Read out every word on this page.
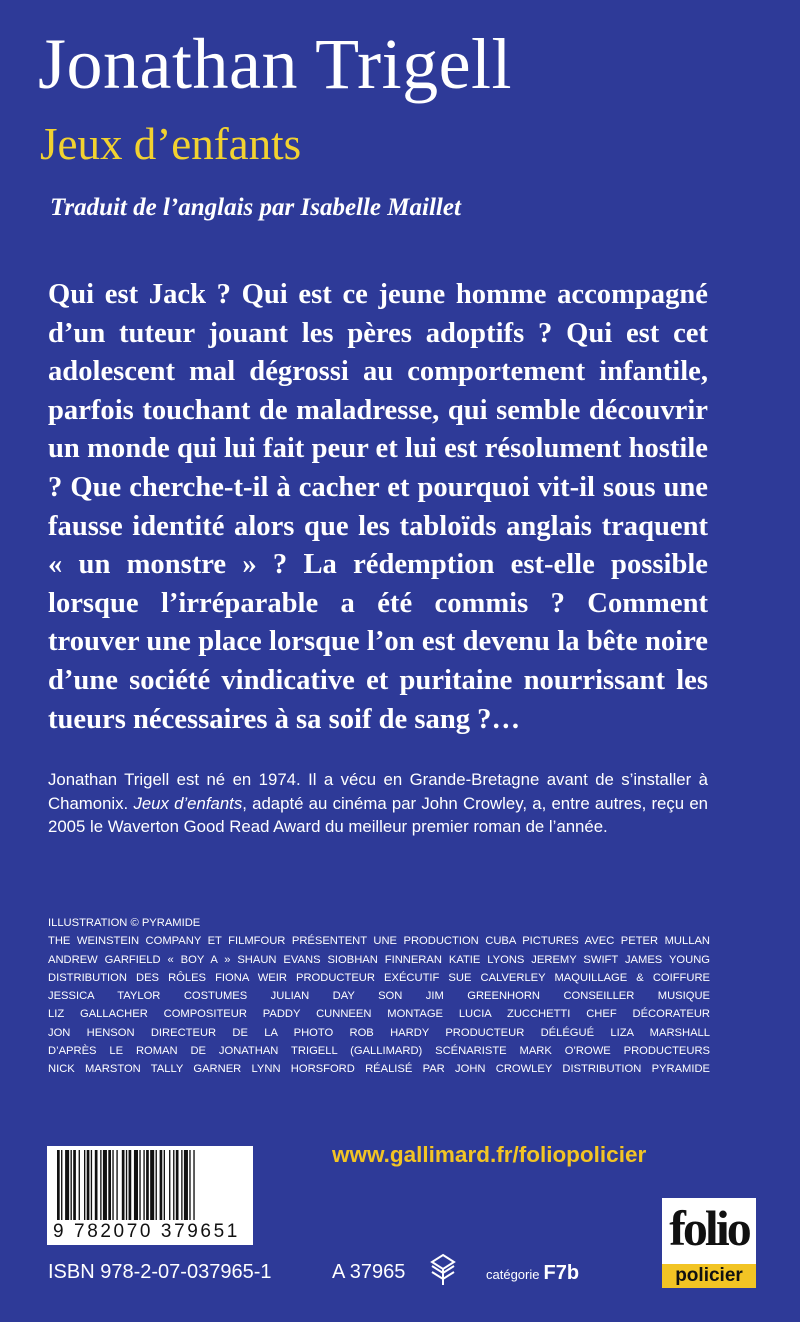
Jonathan Trigell
Jeux d’enfants
Traduit de l’anglais par Isabelle Maillet

Qui est Jack ? Qui est ce jeune homme accompagné d’un tuteur jouant les pères adoptifs ? Qui est cet adolescent mal dégrossi au comportement infantile, parfois touchant de maladresse, qui semble découvrir un monde qui lui fait peur et lui est résolument hostile ? Que cherche-t-il à cacher et pourquoi vit-il sous une fausse identité alors que les tabloïds anglais traquent « un monstre » ? La rédemption est-elle possible lorsque l’irréparable a été commis ? Comment trouver une place lorsque l’on est devenu la bête noire d’une société vindicative et puritaine nourrissant les tueurs nécessaires à sa soif de sang ?…

Jonathan Trigell est né en 1974. Il a vécu en Grande-Bretagne avant de s’installer à Chamonix. Jeux d’enfants, adapté au cinéma par John Crowley, a, entre autres, reçu en 2005 le Waverton Good Read Award du meilleur premier roman de l’année.

ILLUSTRATION © PYRAMIDE
THE WEINSTEIN COMPANY ET FILMFOUR PRÉSENTENT UNE PRODUCTION CUBA PICTURES AVEC PETER MULLAN
ANDREW GARFIELD « BOY A » SHAUN EVANS SIOBHAN FINNERAN KATIE LYONS JEREMY SWIFT JAMES YOUNG
DISTRIBUTION DES RÔLES FIONA WEIR PRODUCTEUR EXÉCUTIF SUE CALVERLEY MAQUILLAGE & COIFFURE
JESSICA TAYLOR COSTUMES JULIAN DAY SON JIM GREENHORN CONSEILLER MUSIQUE
LIZ GALLACHER COMPOSITEUR PADDY CUNNEEN MONTAGE LUCIA ZUCCHETTI CHEF DÉCORATEUR
JON HENSON DIRECTEUR DE LA PHOTO ROB HARDY PRODUCTEUR DÉLÉGUÉ LIZA MARSHALL
D’APRÈS LE ROMAN DE JONATHAN TRIGELL (GALLIMARD) SCÉNARISTE MARK O’ROWE PRODUCTEURS
NICK MARSTON TALLY GARNER LYNN HORSFORD RÉALISÉ PAR JOHN CROWLEY DISTRIBUTION PYRAMIDE
www.gallimard.fr/foliopolicier
9 782070 379651
ISBN 978-2-07-037965-1	A 37965	catégorie F7b
folio
policier
